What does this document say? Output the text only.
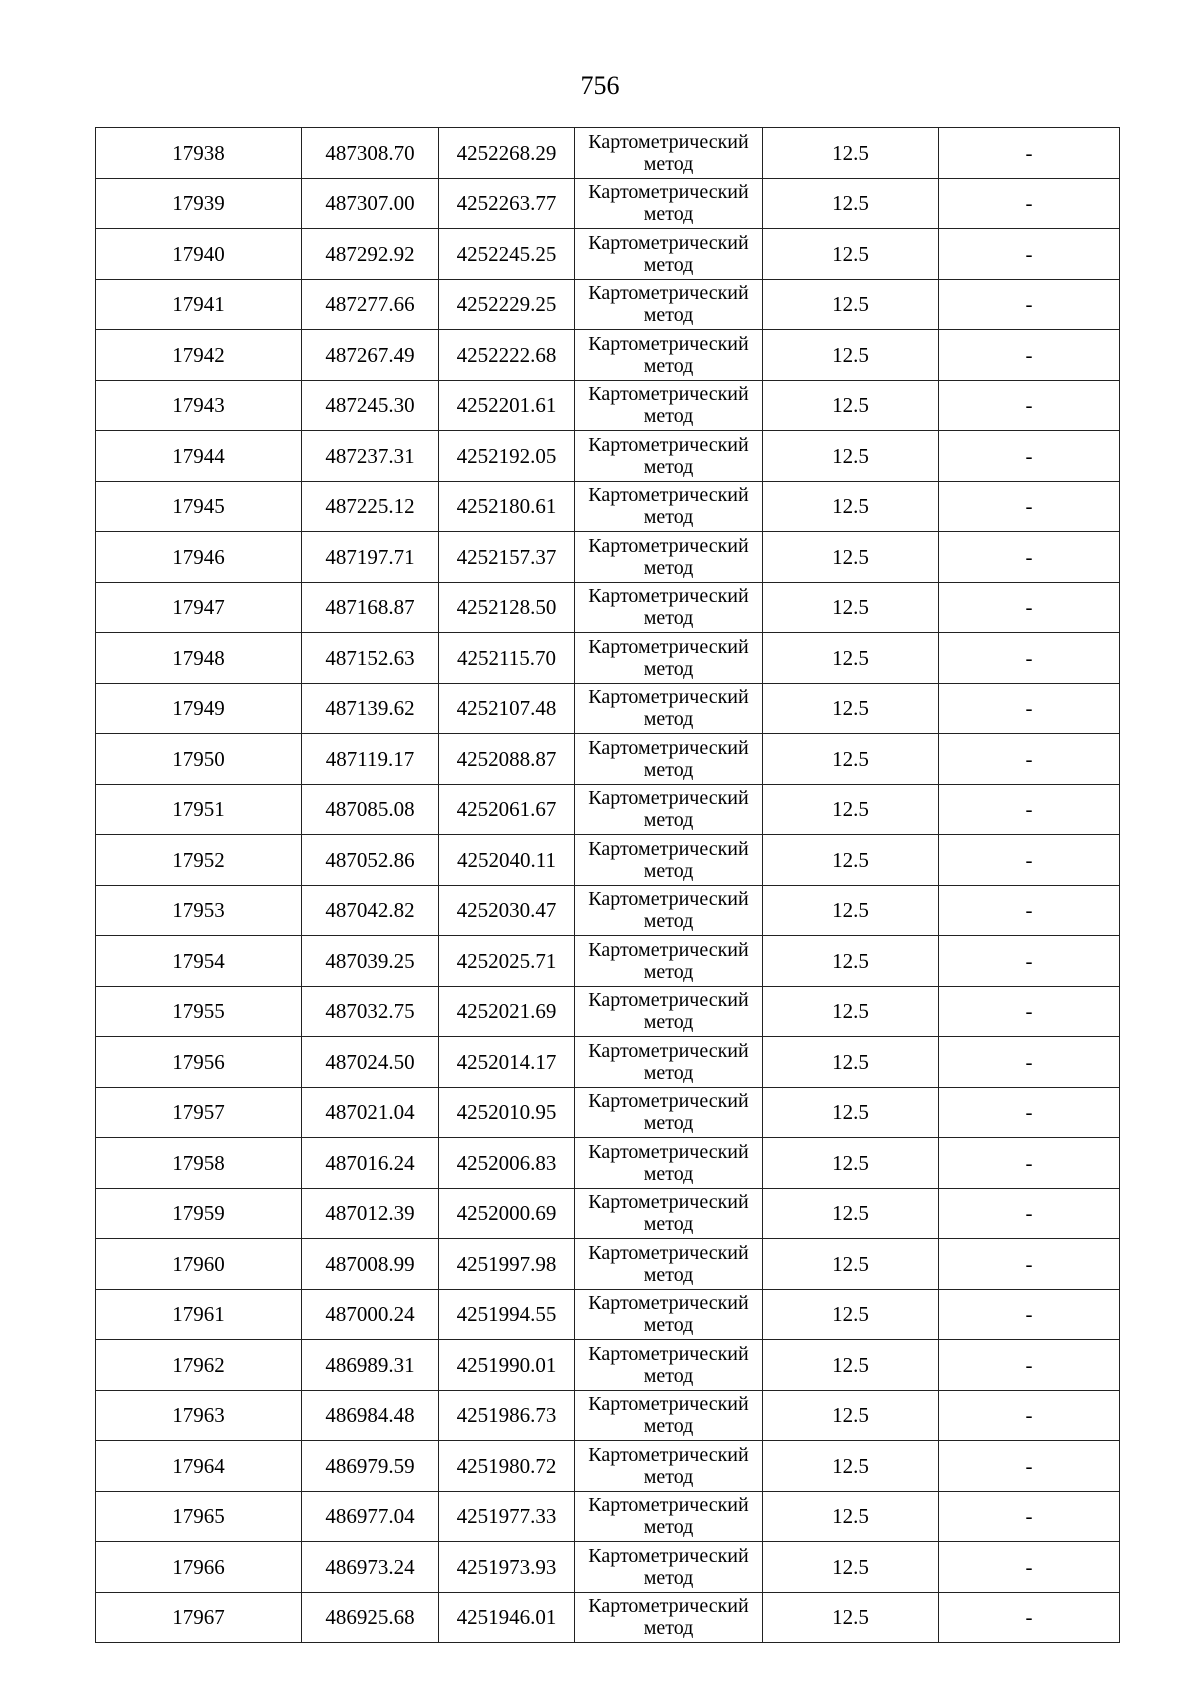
756
17938	487308.70	4252268.29	Картометрический
метод	12.5	-
17939	487307.00	4252263.77	Картометрический
метод	12.5	-
17940	487292.92	4252245.25	Картометрический
метод	12.5	-
17941	487277.66	4252229.25	Картометрический
метод	12.5	-
17942	487267.49	4252222.68	Картометрический
метод	12.5	-
17943	487245.30	4252201.61	Картометрический
метод	12.5	-
17944	487237.31	4252192.05	Картометрический
метод	12.5	-
17945	487225.12	4252180.61	Картометрический
метод	12.5	-
17946	487197.71	4252157.37	Картометрический
метод	12.5	-
17947	487168.87	4252128.50	Картометрический
метод	12.5	-
17948	487152.63	4252115.70	Картометрический
метод	12.5	-
17949	487139.62	4252107.48	Картометрический
метод	12.5	-
17950	487119.17	4252088.87	Картометрический
метод	12.5	-
17951	487085.08	4252061.67	Картометрический
метод	12.5	-
17952	487052.86	4252040.11	Картометрический
метод	12.5	-
17953	487042.82	4252030.47	Картометрический
метод	12.5	-
17954	487039.25	4252025.71	Картометрический
метод	12.5	-
17955	487032.75	4252021.69	Картометрический
метод	12.5	-
17956	487024.50	4252014.17	Картометрический
метод	12.5	-
17957	487021.04	4252010.95	Картометрический
метод	12.5	-
17958	487016.24	4252006.83	Картометрический
метод	12.5	-
17959	487012.39	4252000.69	Картометрический
метод	12.5	-
17960	487008.99	4251997.98	Картометрический
метод	12.5	-
17961	487000.24	4251994.55	Картометрический
метод	12.5	-
17962	486989.31	4251990.01	Картометрический
метод	12.5	-
17963	486984.48	4251986.73	Картометрический
метод	12.5	-
17964	486979.59	4251980.72	Картометрический
метод	12.5	-
17965	486977.04	4251977.33	Картометрический
метод	12.5	-
17966	486973.24	4251973.93	Картометрический
метод	12.5	-
17967	486925.68	4251946.01	Картометрический
метод	12.5	-
